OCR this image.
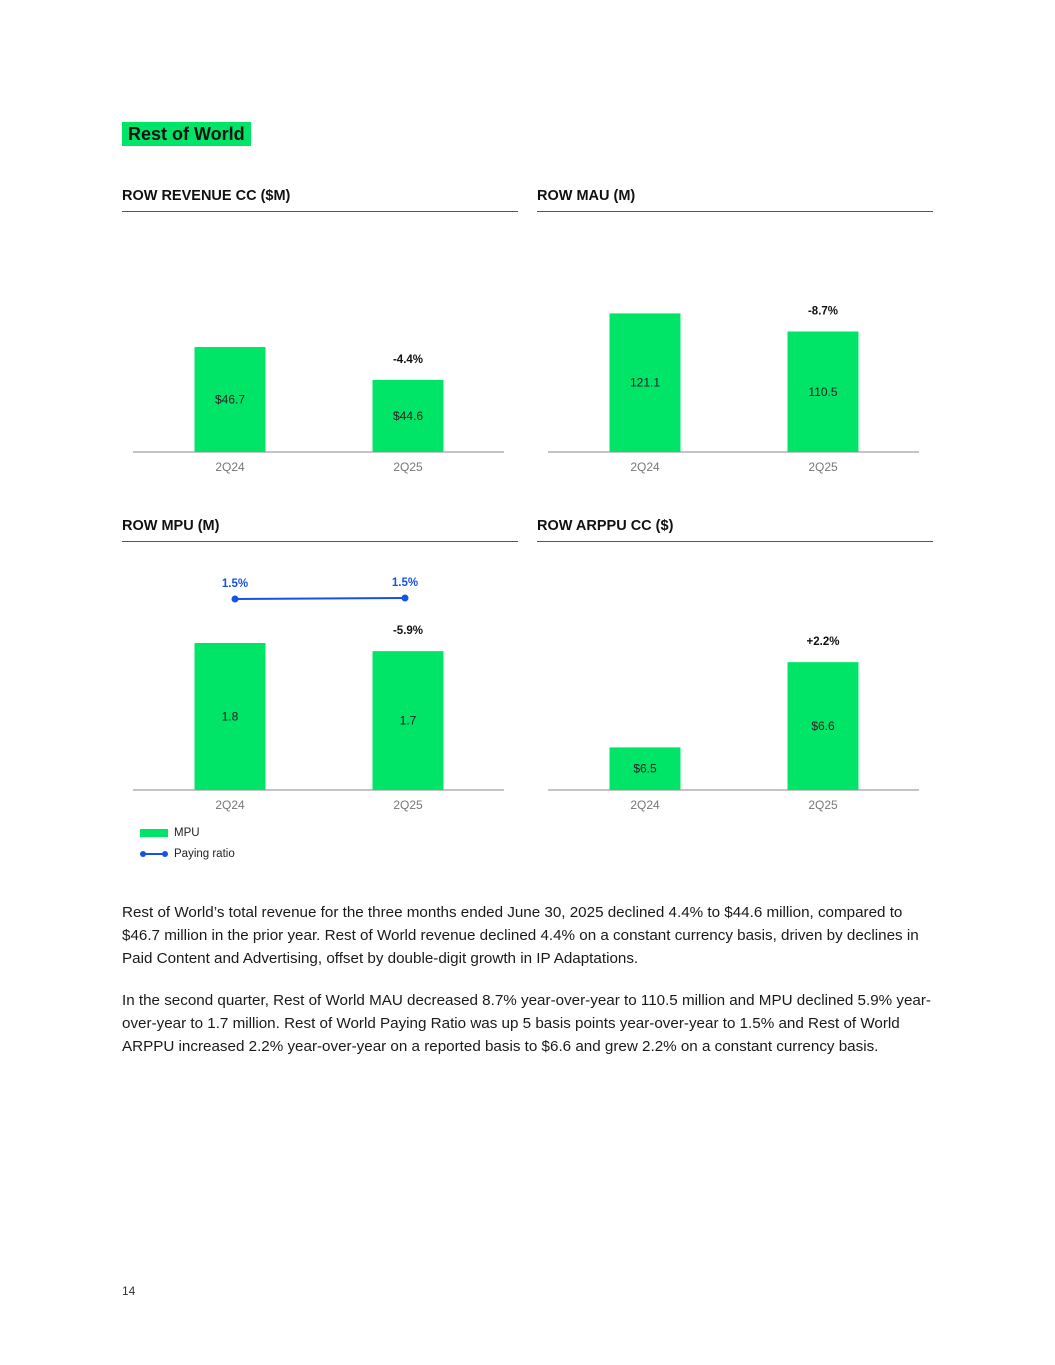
Rest of World
ROW REVENUE CC ($M)
$46.7
2Q24
$44.6
2Q25
-4.4%
ROW MAU (M)
121.1
2Q24
110.5
2Q25
-8.7%
ROW MPU (M)
1.8
2Q24
1.7
2Q25
-5.9%
1.5%	1.5%
ROW ARPPU CC ($)
$6.5
2Q24
$6.6
2Q25
+2.2%
MPU
Paying ratio

Rest of World’s total revenue for the three months ended June 30, 2025 declined 4.4% to $44.6 million, compared to $46.7 million in the prior year. Rest of World revenue declined 4.4% on a constant currency basis, driven by declines in Paid Content and Advertising, offset by double-digit growth in IP Adaptations.

In the second quarter, Rest of World MAU decreased 8.7% year-over-year to 110.5 million and MPU declined 5.9% year-over-year to 1.7 million. Rest of World Paying Ratio was up 5 basis points year-over-year to 1.5% and Rest of World ARPPU increased 2.2% year-over-year on a reported basis to $6.6 and grew 2.2% on a constant currency basis.

14
